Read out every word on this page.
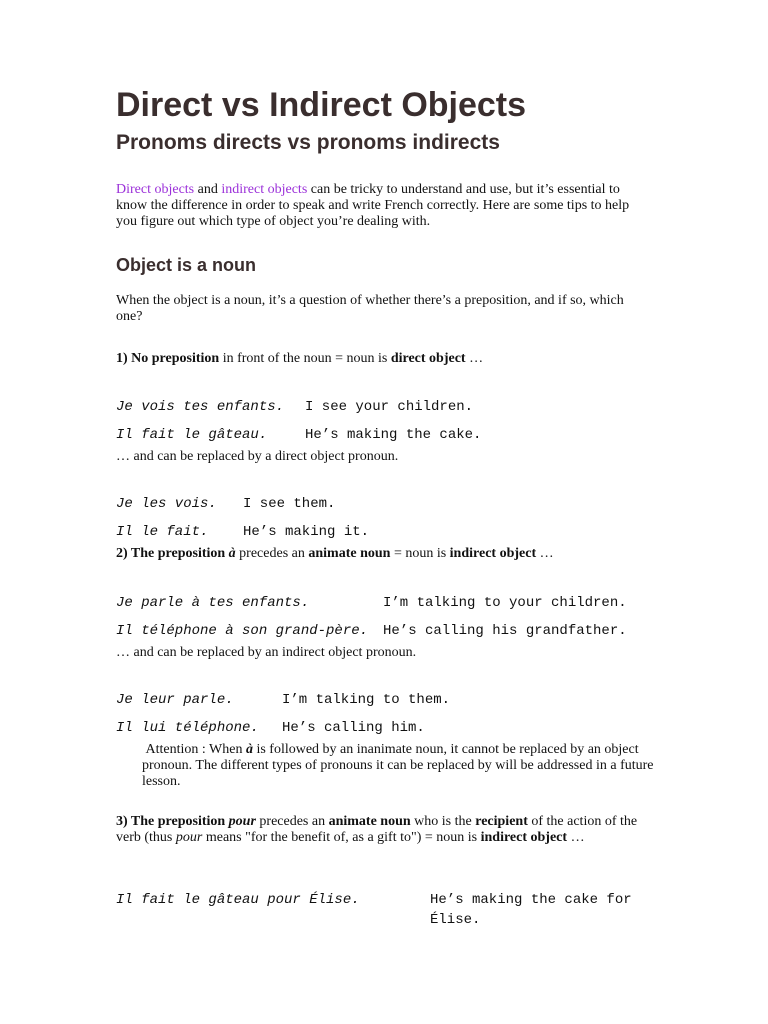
Direct vs Indirect Objects
Pronoms directs vs pronoms indirects
Direct objects and indirect objects can be tricky to understand and use, but it’s essential to know the difference in order to speak and write French correctly. Here are some tips to help you figure out which type of object you’re dealing with.
Object is a noun
When the object is a noun, it’s a question of whether there’s a preposition, and if so, which one?
1) No preposition in front of the noun = noun is direct object …
Je vois tes enfants. I see your children.
Il fait le gâteau.	He’s making the cake.
… and can be replaced by a direct object pronoun.
Je les vois. I see them.
Il le fait. He’s making it.
2) The preposition à precedes an animate noun = noun is indirect object …
Je parle à tes enfants.	I’m talking to your children.
Il téléphone à son grand-père. He’s calling his grandfather.
… and can be replaced by an indirect object pronoun.
Je leur parle.	I’m talking to them.
Il lui téléphone. He’s calling him.
Attention : When à is followed by an inanimate noun, it cannot be replaced by an object pronoun. The different types of pronouns it can be replaced by will be addressed in a future lesson.
3) The preposition pour precedes an animate noun who is the recipient of the action of the verb (thus pour means "for the benefit of, as a gift to") = noun is indirect object …
Il fait le gâteau pour Élise.	He’s making the cake for
Élise.
